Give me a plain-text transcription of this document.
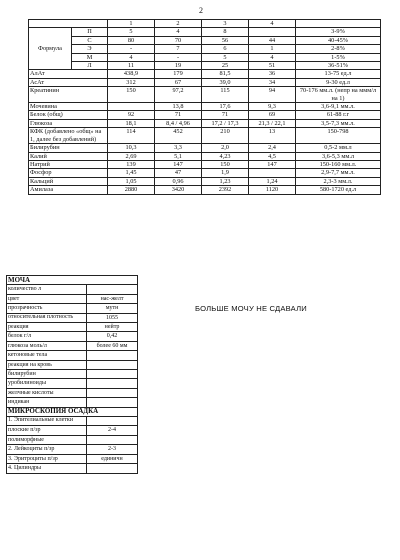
2
		1	2	3	4	
Формула	П	5	4	8		3-9%
	С	80	70	56	44	40-45%
	Э	-	7	6	1	2-8%
	М	4	-	5	4	1-5%
	Л	11	19	25	51	36-51%
АлАт		438,9	179	81,5	36	13-75 ед.л
АсАт		312	67	39,0	34	9-30 ед.л
Креатинин		150	97,2	115	94	70-176 мм.л. (непр на ммм/л на 1)
Мочевина			13,8	17,6	9,3	3,6-9,1 мм.л.
Белок (общ)		92	71	71	69	61-88 г.г
Глюкоза		18,1	8,4 / 4,96	17,2 / 17,3	21,3 / 22,1	3,5-7,3 мм.л.
КФК (добавлено «общ» на 1, далее без добавлений)		114	452	210	13	150-798
Билирубин		10,3	3,3	2,0	2,4	0,5-2 мм.л
Калий		2,69	5,1	4,23	4,5	3,6-5,3 мм.л
Натрий		139	147	150	147	150-160 мм.л.
Фосфор		1,45	47	1,9		2,9-7,7 мм.л.
Кальций		1,05	0,96	1,23	1,24	2,3-3 мм.л.
Амилаза		2880	3420	2392	1120	580-1720 ед.л
МОЧА	
количество л	
цвет	нас-желт
прозрачность	мутн
относительная плотность	1055
реакция	нейтр
белок г/л	0,42
глюкоза моль/л	более 60 мм
кетоновые тела	
реакция на кровь	
билирубин	
уробилиноиды	
желчные кислоты	
индикан	
МИКРОСКОПИЯ ОСАДКА	
1. Эпителиальные клетки	
плоские п/зр	2-4
полиморфные	
2. Лейкоциты п/зр	2-3
3. Эритроциты п/зр	единичн
4. Цилиндры	
БОЛЬШЕ МОЧУ НЕ СДАВАЛИ
